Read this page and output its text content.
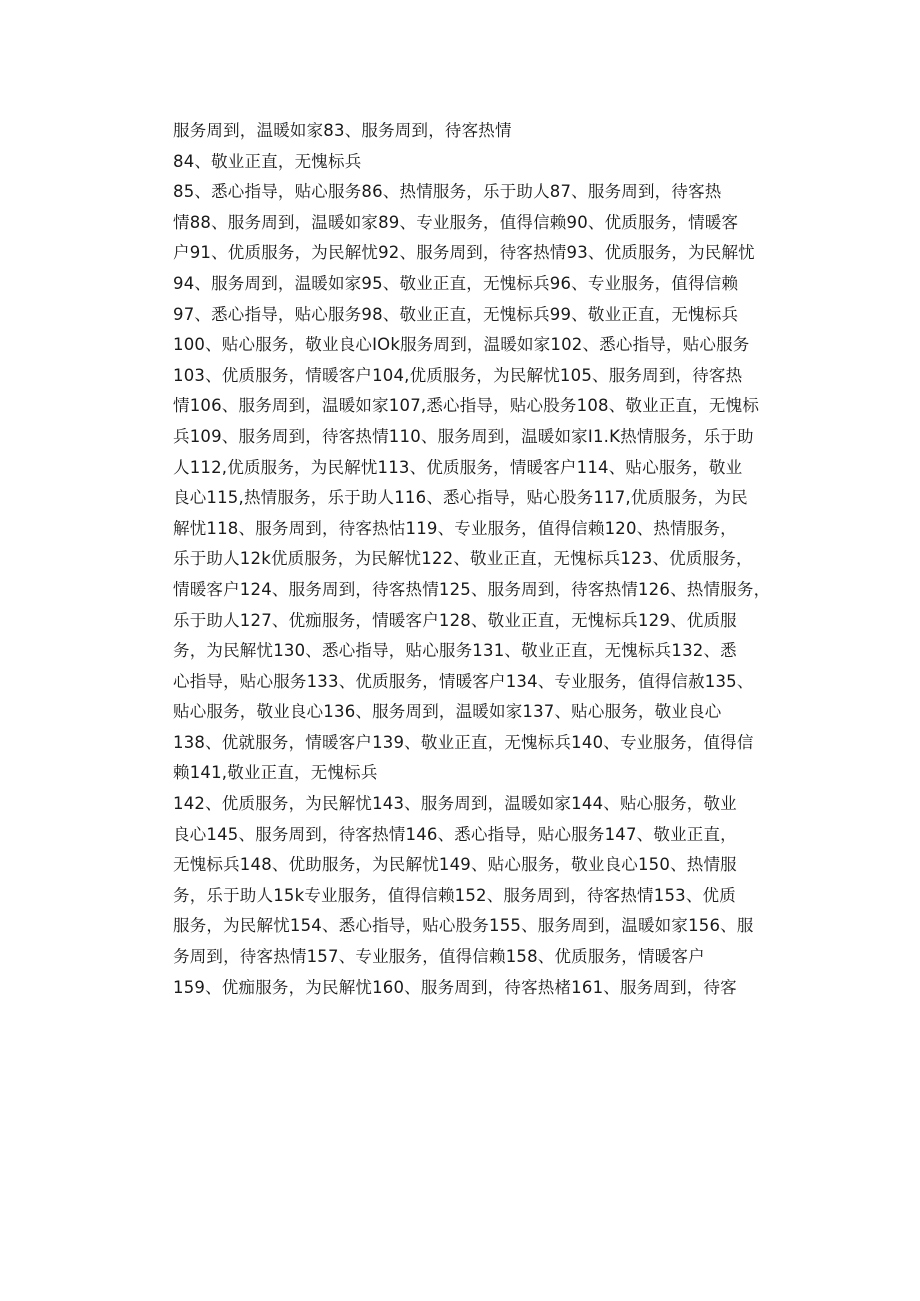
服务周到，温暖如家83、服务周到，待客热情
84、敬业正直，无愧标兵
85、悉心指导，贴心服务86、热情服务，乐于助人87、服务周到，待客热
情88、服务周到，温暖如家89、专业服务，值得信赖90、优质服务，情暖客
户91、优质服务，为民解忧92、服务周到，待客热情93、优质服务，为民解忧
94、服务周到，温暖如家95、敬业正直，无愧标兵96、专业服务，值得信赖
97、悉心指导，贴心服务98、敬业正直，无愧标兵99、敬业正直，无愧标兵
100、贴心服务，敬业良心IOk服务周到，温暖如家102、悉心指导，贴心服务
103、优质服务，情暖客户104,优质服务，为民解忧105、服务周到，待客热
情106、服务周到，温暖如家107,悉心指导，贴心股务108、敬业正直，无愧标
兵109、服务周到，待客热情110、服务周到，温暖如家I1.K热情服务，乐于助
人112,优质服务，为民解忧113、优质服务，情暖客户114、贴心服务，敬业
良心115,热情服务，乐于助人116、悉心指导，贴心股务117,优质服务，为民
解忧118、服务周到，待客热怙119、专业服务，值得信赖120、热情服务，
乐于助人12k优质服务，为民解忧122、敬业正直，无愧标兵123、优质服务，
情暖客户124、服务周到，待客热情125、服务周到，待客热情126、热情服务，
乐于助人127、优痂服务，情暖客户128、敬业正直，无愧标兵129、优质服
务，为民解忧130、悉心指导，贴心服务131、敬业正直，无愧标兵132、悉
心指导，贴心服务133、优质服务，情暖客户134、专业服务，值得信赦135、
贴心服务，敬业良心136、服务周到，温暖如家137、贴心服务，敬业良心
138、优就服务，情暖客户139、敬业正直，无愧标兵140、专业服务，值得信
赖141,敬业正直，无愧标兵
142、优质服务，为民解忧143、服务周到，温暖如家144、贴心服务，敬业
良心145、服务周到，待客热情146、悉心指导，贴心服务147、敬业正直，
无愧标兵148、优助服务，为民解忧149、贴心服务，敬业良心150、热情服
务，乐于助人15k专业服务，值得信赖152、服务周到，待客热情153、优质
服务，为民解忧154、悉心指导，贴心股务155、服务周到，温暖如家156、服
务周到，待客热情157、专业服务，值得信赖158、优质服务，情暖客户
159、优痂服务，为民解忧160、服务周到，待客热楮161、服务周到，待客
